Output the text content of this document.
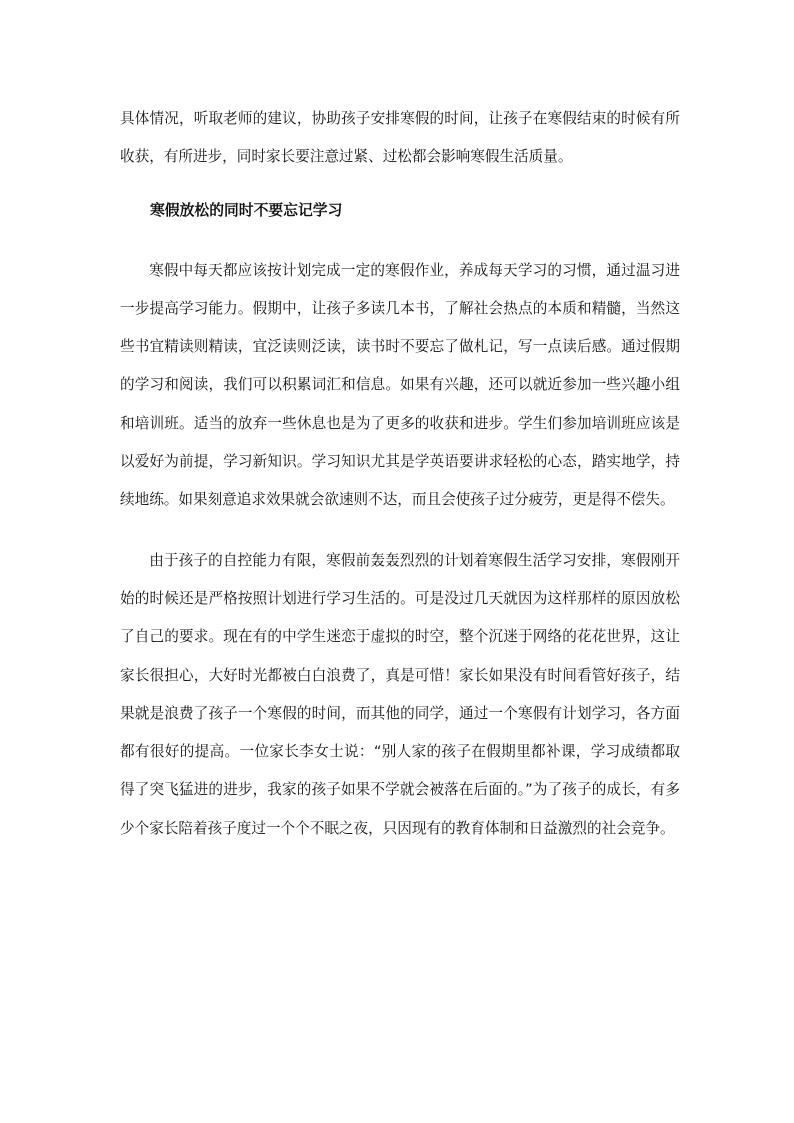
具体情况，听取老师的建议，协助孩子安排寒假的时间，让孩子在寒假结束的时候有所收获，有所进步，同时家长要注意过紧、过松都会影响寒假生活质量。

寒假放松的同时不要忘记学习

寒假中每天都应该按计划完成一定的寒假作业，养成每天学习的习惯，通过温习进一步提高学习能力。假期中，让孩子多读几本书，了解社会热点的本质和精髓，当然这些书宜精读则精读，宜泛读则泛读，读书时不要忘了做札记，写一点读后感。通过假期的学习和阅读，我们可以积累词汇和信息。如果有兴趣，还可以就近参加一些兴趣小组和培训班。适当的放弃一些休息也是为了更多的收获和进步。学生们参加培训班应该是以爱好为前提，学习新知识。学习知识尤其是学英语要讲求轻松的心态，踏实地学，持续地练。如果刻意追求效果就会欲速则不达，而且会使孩子过分疲劳，更是得不偿失。

由于孩子的自控能力有限，寒假前轰轰烈烈的计划着寒假生活学习安排，寒假刚开始的时候还是严格按照计划进行学习生活的。可是没过几天就因为这样那样的原因放松了自己的要求。现在有的中学生迷恋于虚拟的时空，整个沉迷于网络的花花世界，这让家长很担心，大好时光都被白白浪费了，真是可惜！家长如果没有时间看管好孩子，结果就是浪费了孩子一个寒假的时间，而其他的同学，通过一个寒假有计划学习，各方面都有很好的提高。一位家长李女士说：“别人家的孩子在假期里都补课，学习成绩都取得了突飞猛进的进步，我家的孩子如果不学就会被落在后面的。”为了孩子的成长，有多少个家长陪着孩子度过一个个不眠之夜，只因现有的教育体制和日益激烈的社会竞争。
